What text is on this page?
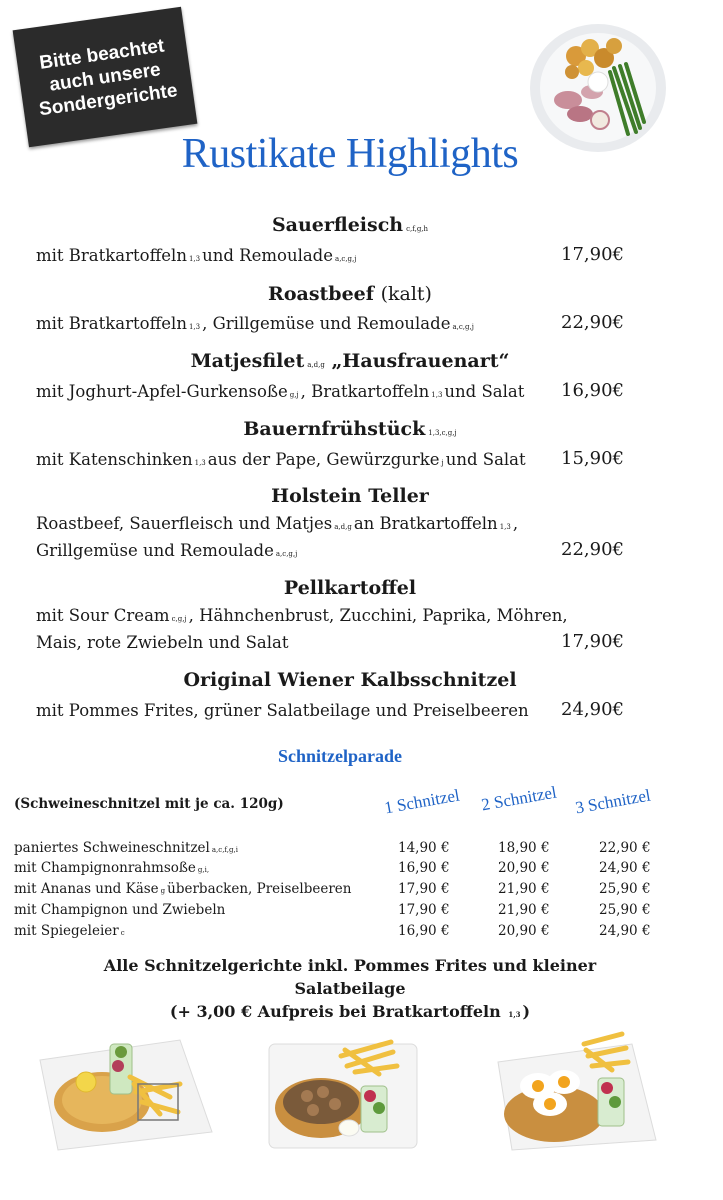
Bitte beachtet
auch unsere
Sondergerichte
Rustikate Highlights
Sauerfleisch c,f,g,h
mit Bratkartoffeln 1,3 und Remoulade a,c,g,j	17,90€
Roastbeef (kalt)
mit Bratkartoffeln 1,3 , Grillgemüse und Remoulade a,c,g,j	22,90€
Matjesfilet a,d,g „Hausfrauenart“
mit Joghurt-Apfel-Gurkensoße g,j , Bratkartoffeln 1,3 und Salat	16,90€
Bauernfrühstück 1,3,c,g,j
mit Katenschinken 1,3 aus der Pape, Gewürzgurke j und Salat	15,90€
Holstein Teller
Roastbeef, Sauerfleisch und Matjes a,d,g an Bratkartoffeln 1,3 ,
Grillgemüse und Remoulade a,c,g,j	22,90€
Pellkartoffel
mit Sour Cream c,g,j , Hähnchenbrust, Zucchini, Paprika, Möhren,
Mais, rote Zwiebeln und Salat	17,90€
Original Wiener Kalbsschnitzel
mit Pommes Frites, grüner Salatbeilage und Preiselbeeren	24,90€
Schnitzelparade
(Schweineschnitzel mit je ca. 120g)	1 Schnitzel 2 Schnitzel 3 Schnitzel
paniertes Schweineschnitzel a,c,f,g,i	14,90 €	18,90 €	22,90 €
mit Champignonrahmsoße g,i,	16,90 €	20,90 €	24,90 €
mit Ananas und Käse g überbacken, Preiselbeeren	17,90 €	21,90 €	25,90 €
mit Champignon und Zwiebeln	17,90 €	21,90 €	25,90 €
mit Spiegeleier c	16,90 €	20,90 €	24,90 €
Alle Schnitzelgerichte inkl. Pommes Frites und kleiner
Salatbeilage
(+ 3,00 € Aufpreis bei Bratkartoffeln 1,3 )
